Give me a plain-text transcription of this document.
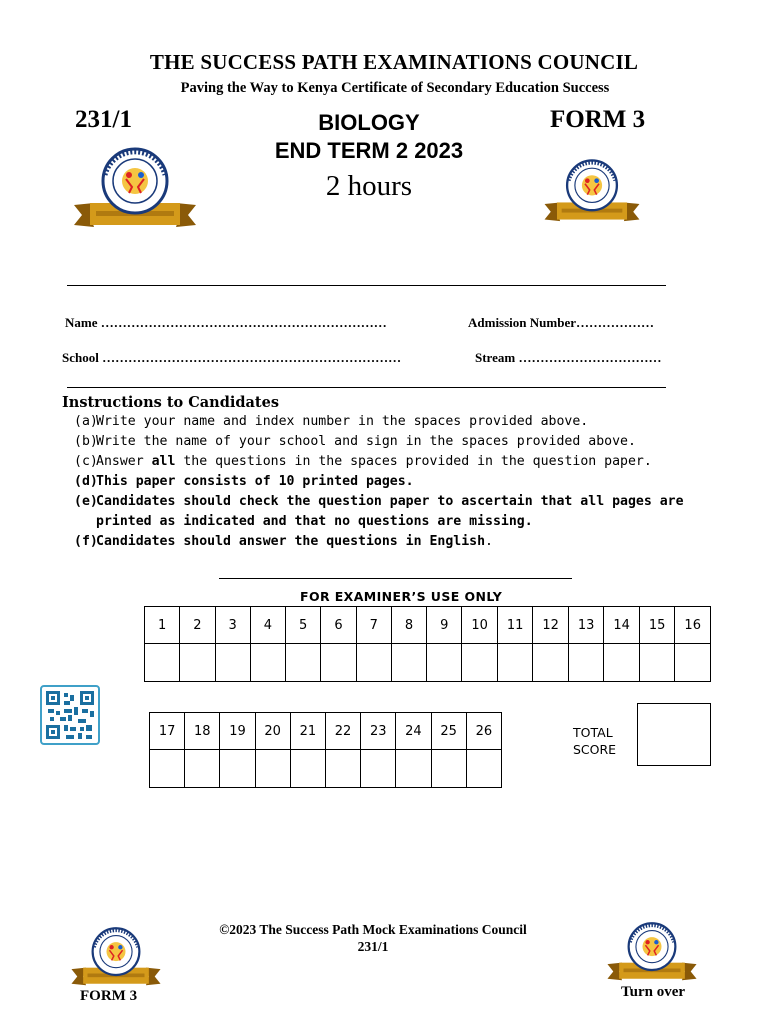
THE SUCCESS PATH EXAMINATIONS COUNCIL
Paving the Way to Kenya Certificate of Secondary Education Success
231/1	FORM 3
BIOLOGY
END TERM 2 2023
2 hours
Name …………………………………………………………	Admission Number………………
School ……………………………………………………………	Stream ……………………………
Instructions to Candidates
(a)
Write your name and index number in the spaces provided above.
(b)
Write the name of your school and sign in the spaces provided above.
(c)
Answer all the questions in the spaces provided in the question paper.
(d)
This paper consists of 10 printed pages.
(e)
Candidates should check the question paper to ascertain that all pages are
printed as indicated and that no questions are missing.
(f)
Candidates should answer the questions in English.
FOR EXAMINER’S USE ONLY
1	2	3	4	5	6	7	8	9	10	11	12	13	14	15	16

17	18	19	20	21	22	23	24	25	26
										TOTAL
SCORE
©2023 The Success Path Mock Examinations Council
231/1
FORM 3	Turn over
